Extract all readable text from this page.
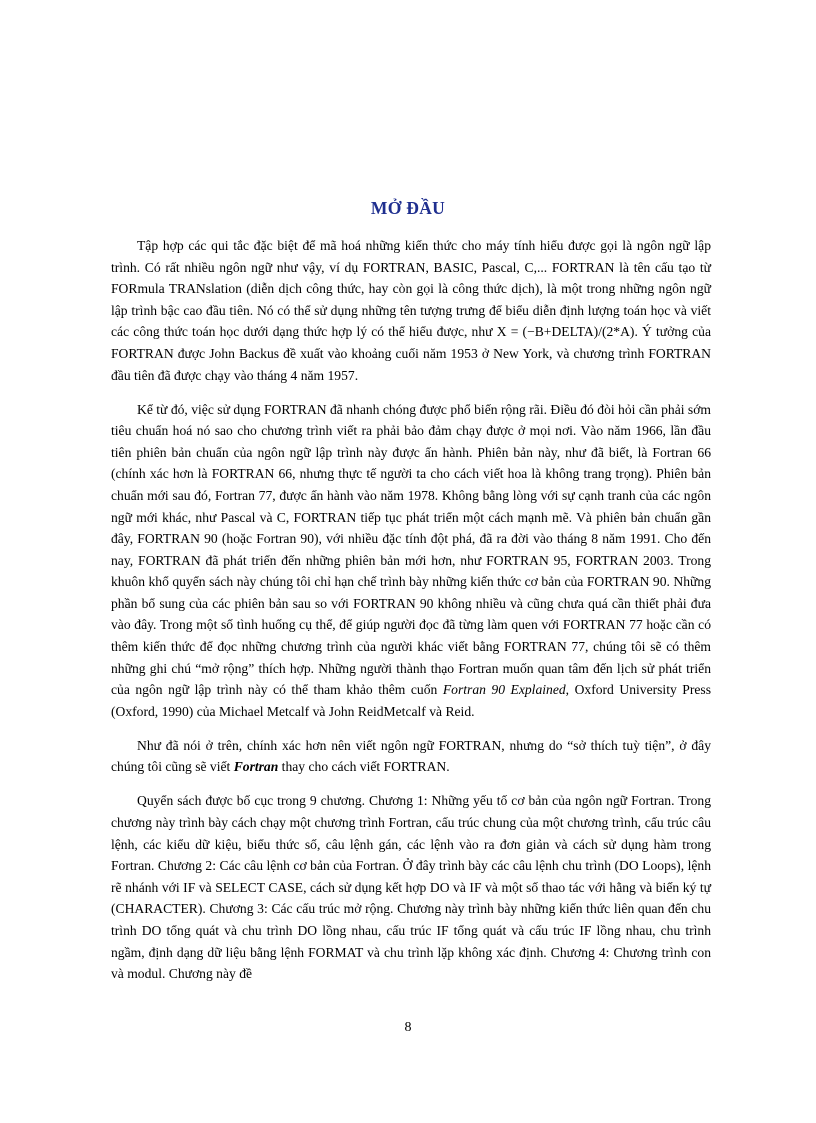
MỞ ĐẦU

Tập hợp các qui tắc đặc biệt để mã hoá những kiến thức cho máy tính hiểu được gọi là ngôn ngữ lập trình. Có rất nhiều ngôn ngữ như vậy, ví dụ FORTRAN, BASIC, Pascal, C,... FORTRAN là tên cấu tạo từ FORmula TRANslation (diễn dịch công thức, hay còn gọi là công thức dịch), là một trong những ngôn ngữ lập trình bậc cao đầu tiên. Nó có thể sử dụng những tên tượng trưng để biểu diễn định lượng toán học và viết các công thức toán học dưới dạng thức hợp lý có thể hiểu được, như X = (−B+DELTA)/(2*A). Ý tưởng của FORTRAN được John Backus đề xuất vào khoảng cuối năm 1953 ở New York, và chương trình FORTRAN đầu tiên đã được chạy vào tháng 4 năm 1957.

Kể từ đó, việc sử dụng FORTRAN đã nhanh chóng được phổ biến rộng rãi. Điều đó đòi hỏi cần phải sớm tiêu chuẩn hoá nó sao cho chương trình viết ra phải bảo đảm chạy được ở mọi nơi. Vào năm 1966, lần đầu tiên phiên bản chuẩn của ngôn ngữ lập trình này được ấn hành. Phiên bản này, như đã biết, là Fortran 66 (chính xác hơn là FORTRAN 66, nhưng thực tế người ta cho cách viết hoa là không trang trọng). Phiên bản chuẩn mới sau đó, Fortran 77, được ấn hành vào năm 1978. Không bằng lòng với sự cạnh tranh của các ngôn ngữ mới khác, như Pascal và C, FORTRAN tiếp tục phát triển một cách mạnh mẽ. Và phiên bản chuẩn gần đây, FORTRAN 90 (hoặc Fortran 90), với nhiều đặc tính đột phá, đã ra đời vào tháng 8 năm 1991. Cho đến nay, FORTRAN đã phát triển đến những phiên bản mới hơn, như FORTRAN 95, FORTRAN 2003. Trong khuôn khổ quyển sách này chúng tôi chỉ hạn chế trình bày những kiến thức cơ bản của FORTRAN 90. Những phần bổ sung của các phiên bản sau so với FORTRAN 90 không nhiều và cũng chưa quá cần thiết phải đưa vào đây. Trong một số tình huống cụ thể, để giúp người đọc đã từng làm quen với FORTRAN 77 hoặc cần có thêm kiến thức để đọc những chương trình của người khác viết bằng FORTRAN 77, chúng tôi sẽ có thêm những ghi chú “mở rộng” thích hợp. Những người thành thạo Fortran muốn quan tâm đến lịch sử phát triển của ngôn ngữ lập trình này có thể tham khảo thêm cuốn Fortran 90 Explained, Oxford University Press (Oxford, 1990) của Michael Metcalf và John ReidMetcalf và Reid.

Như đã nói ở trên, chính xác hơn nên viết ngôn ngữ FORTRAN, nhưng do “sở thích tuỳ tiện”, ở đây chúng tôi cũng sẽ viết Fortran thay cho cách viết FORTRAN.

Quyển sách được bố cục trong 9 chương. Chương 1: Những yếu tố cơ bản của ngôn ngữ Fortran. Trong chương này trình bày cách chạy một chương trình Fortran, cấu trúc chung của một chương trình, cấu trúc câu lệnh, các kiểu dữ kiệu, biểu thức số, câu lệnh gán, các lệnh vào ra đơn giản và cách sử dụng hàm trong Fortran. Chương 2: Các câu lệnh cơ bản của Fortran. Ở đây trình bày các câu lệnh chu trình (DO Loops), lệnh rẽ nhánh với IF và SELECT CASE, cách sử dụng kết hợp DO và IF và một số thao tác với hằng và biến ký tự (CHARACTER). Chương 3: Các cấu trúc mở rộng. Chương này trình bày những kiến thức liên quan đến chu trình DO tổng quát và chu trình DO lồng nhau, cấu trúc IF tổng quát và cấu trúc IF lồng nhau, chu trình ngầm, định dạng dữ liệu bằng lệnh FORMAT và chu trình lặp không xác định. Chương 4: Chương trình con và modul. Chương này đề

8
